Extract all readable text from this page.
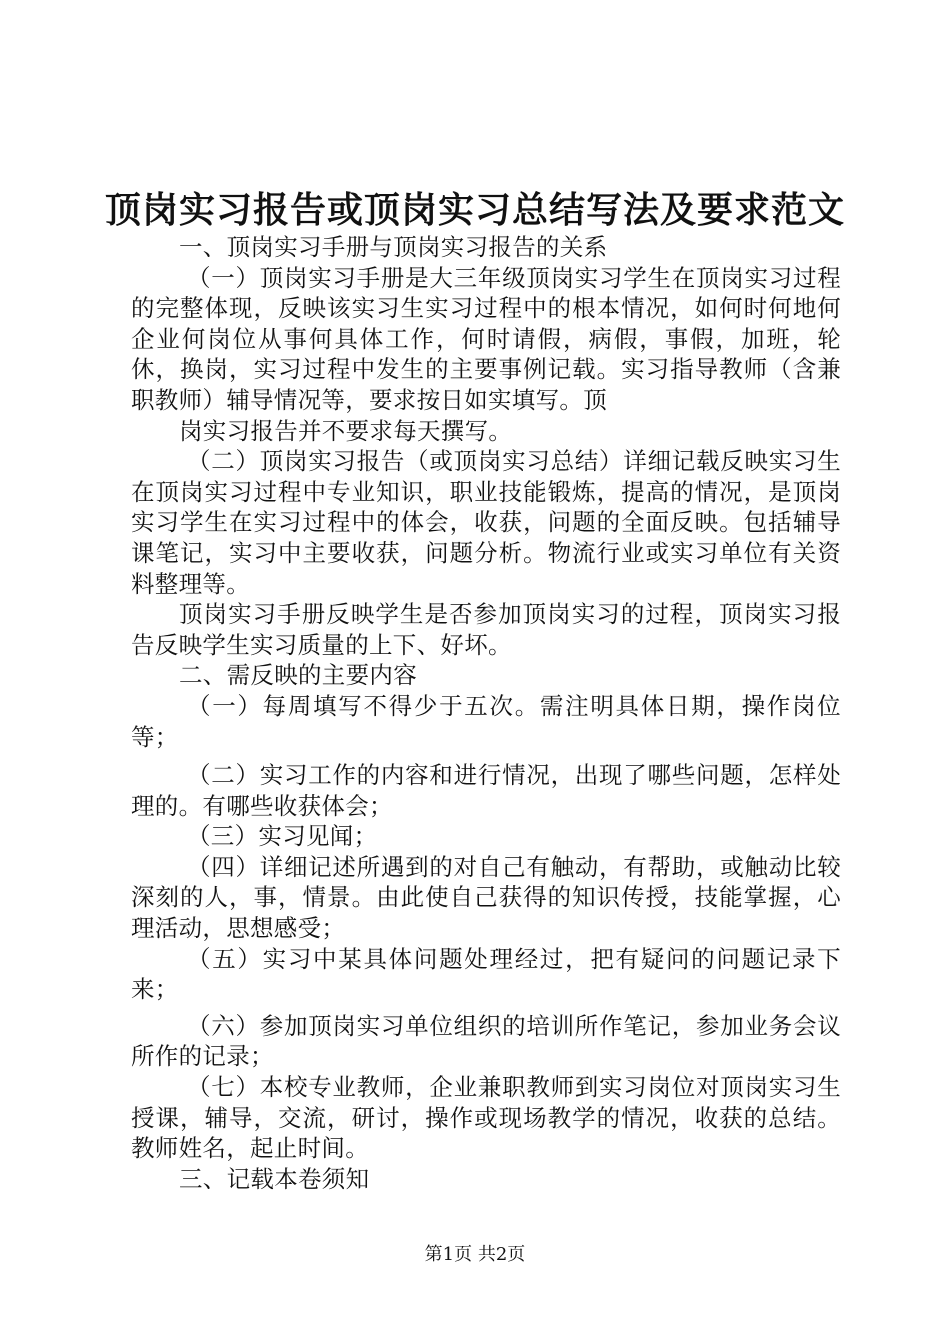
顶岗实习报告或顶岗实习总结写法及要求范文

一、顶岗实习手册与顶岗实习报告的关系

（一）顶岗实习手册是大三年级顶岗实习学生在顶岗实习过程的完整体现，反映该实习生实习过程中的根本情况，如何时何地何企业何岗位从事何具体工作，何时请假，病假，事假，加班，轮休，换岗，实习过程中发生的主要事例记载。实习指导教师（含兼职教师）辅导情况等，要求按日如实填写。顶

岗实习报告并不要求每天撰写。

（二）顶岗实习报告（或顶岗实习总结）详细记载反映实习生在顶岗实习过程中专业知识，职业技能锻炼，提高的情况，是顶岗实习学生在实习过程中的体会，收获，问题的全面反映。包括辅导课笔记，实习中主要收获，问题分析。物流行业或实习单位有关资料整理等。

顶岗实习手册反映学生是否参加顶岗实习的过程，顶岗实习报告反映学生实习质量的上下、好坏。

二、需反映的主要内容

（一）每周填写不得少于五次。需注明具体日期，操作岗位等；

（二）实习工作的内容和进行情况，出现了哪些问题，怎样处理的。有哪些收获体会；

（三）实习见闻；

（四）详细记述所遇到的对自己有触动，有帮助，或触动比较深刻的人，事，情景。由此使自己获得的知识传授，技能掌握，心理活动，思想感受；

（五）实习中某具体问题处理经过，把有疑问的问题记录下来；

（六）参加顶岗实习单位组织的培训所作笔记，参加业务会议所作的记录；

（七）本校专业教师，企业兼职教师到实习岗位对顶岗实习生授课，辅导，交流，研讨，操作或现场教学的情况，收获的总结。教师姓名，起止时间。

三、记载本卷须知

第1页 共2页
